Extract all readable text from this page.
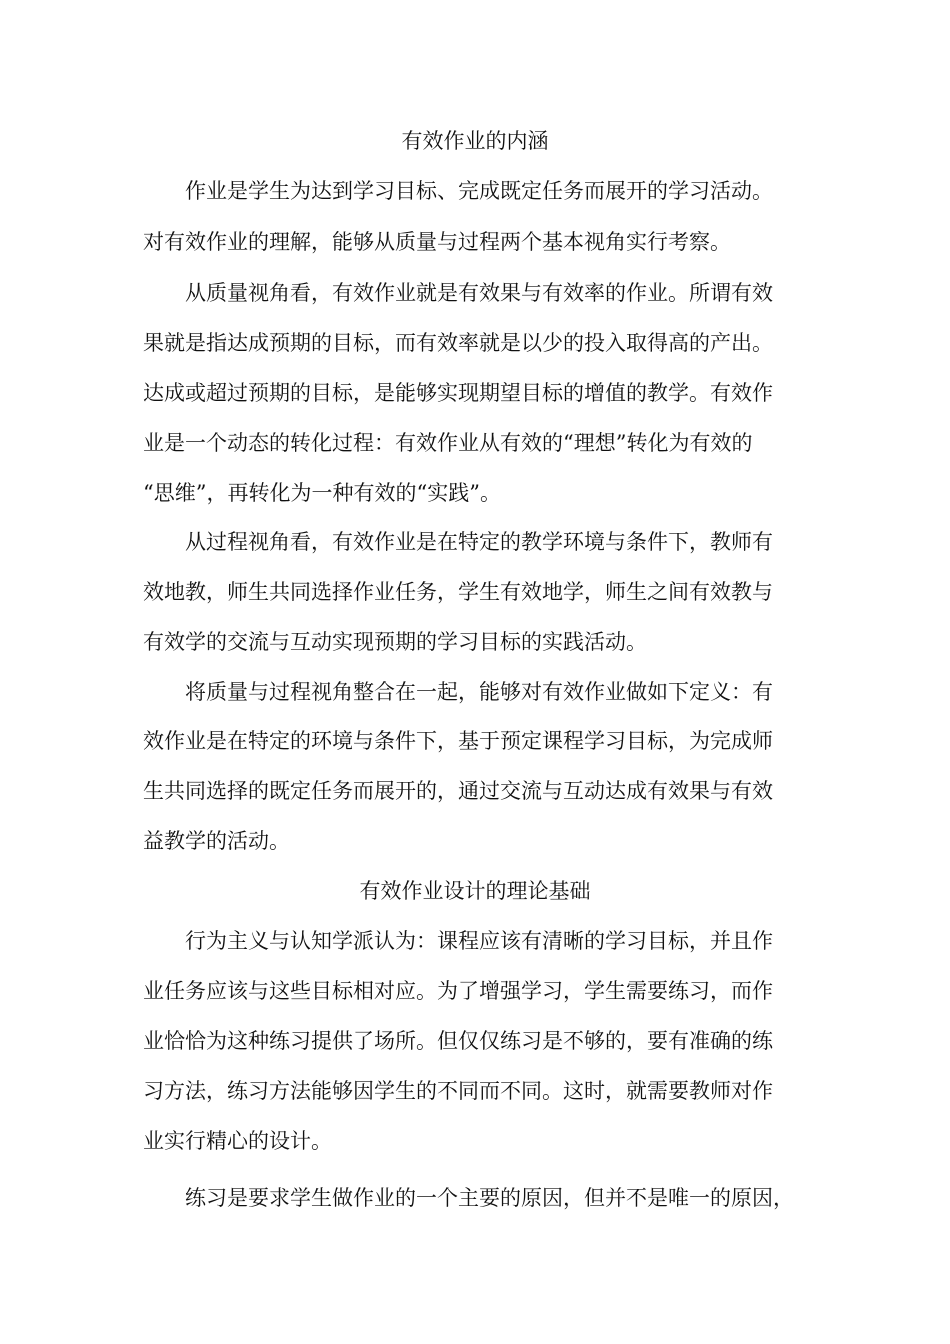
有效作业的内涵
作业是学生为达到学习目标、完成既定任务而展开的学习活动。
对有效作业的理解，能够从质量与过程两个基本视角实行考察。
从质量视角看，有效作业就是有效果与有效率的作业。所谓有效
果就是指达成预期的目标，而有效率就是以少的投入取得高的产出。
达成或超过预期的目标，是能够实现期望目标的增值的教学。有效作
业是一个动态的转化过程：有效作业从有效的“理想”转化为有效的
“思维”，再转化为一种有效的“实践”。
从过程视角看，有效作业是在特定的教学环境与条件下，教师有
效地教，师生共同选择作业任务，学生有效地学，师生之间有效教与
有效学的交流与互动实现预期的学习目标的实践活动。
将质量与过程视角整合在一起，能够对有效作业做如下定义：有
效作业是在特定的环境与条件下，基于预定课程学习目标，为完成师
生共同选择的既定任务而展开的，通过交流与互动达成有效果与有效
益教学的活动。
有效作业设计的理论基础
行为主义与认知学派认为：课程应该有清晰的学习目标，并且作
业任务应该与这些目标相对应。为了增强学习，学生需要练习，而作
业恰恰为这种练习提供了场所。但仅仅练习是不够的，要有准确的练
习方法，练习方法能够因学生的不同而不同。这时，就需要教师对作
业实行精心的设计。
练习是要求学生做作业的一个主要的原因，但并不是唯一的原因，
